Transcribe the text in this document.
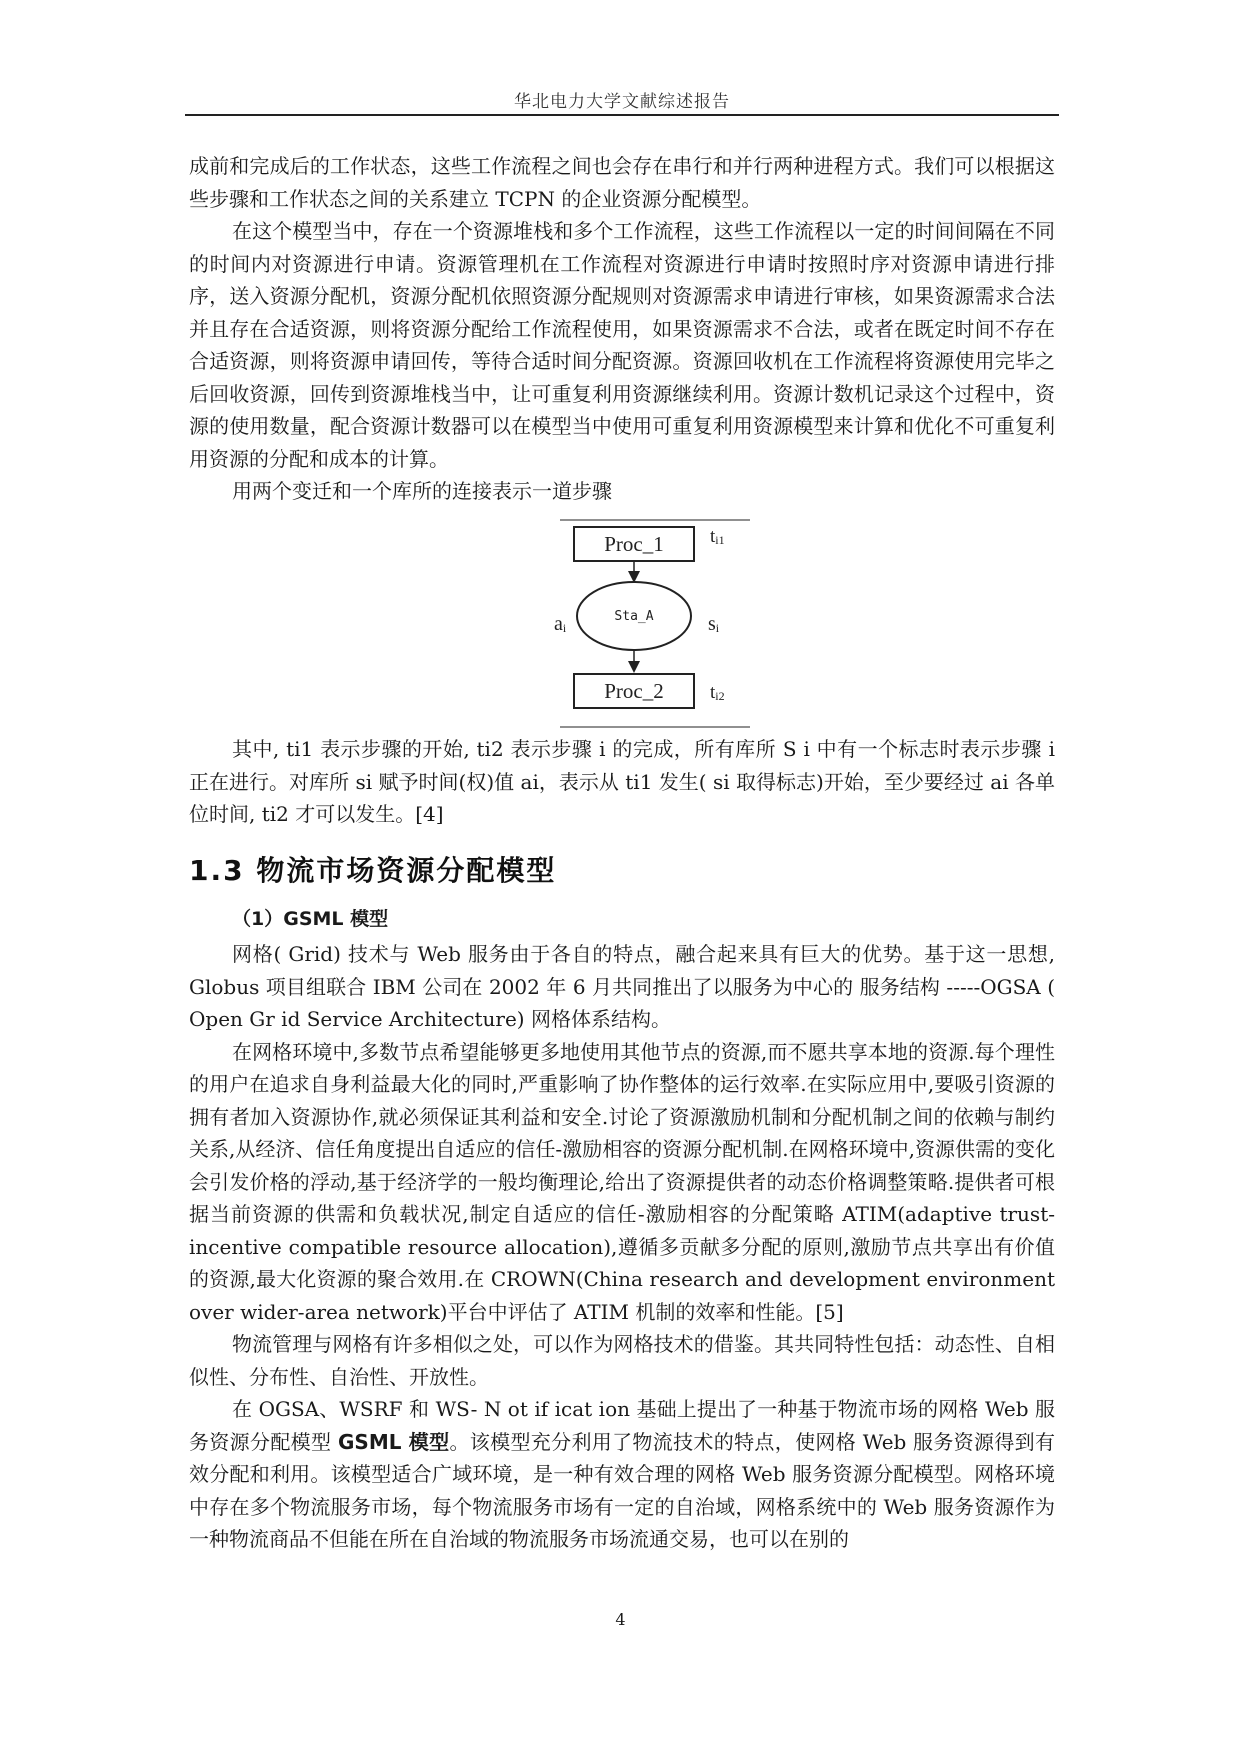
华北电力大学文献综述报告

成前和完成后的工作状态，这些工作流程之间也会存在串行和并行两种进程方式。我们可以根据这些步骤和工作状态之间的关系建立 TCPN 的企业资源分配模型。

在这个模型当中，存在一个资源堆栈和多个工作流程，这些工作流程以一定的时间间隔在不同的时间内对资源进行申请。资源管理机在工作流程对资源进行申请时按照时序对资源申请进行排序，送入资源分配机，资源分配机依照资源分配规则对资源需求申请进行审核，如果资源需求合法并且存在合适资源，则将资源分配给工作流程使用，如果资源需求不合法，或者在既定时间不存在合适资源，则将资源申请回传，等待合适时间分配资源。资源回收机在工作流程将资源使用完毕之后回收资源，回传到资源堆栈当中，让可重复利用资源继续利用。资源计数机记录这个过程中，资源的使用数量，配合资源计数器可以在模型当中使用可重复利用资源模型来计算和优化不可重复利用资源的分配和成本的计算。

用两个变迁和一个库所的连接表示一道步骤

Proc_1 ti1
Sta_A
ai	si
Proc_2 ti2

其中, ti1 表示步骤的开始, ti2 表示步骤 i 的完成，所有库所 S i 中有一个标志时表示步骤 i 正在进行。对库所 si 赋予时间(权)值 ai，表示从 ti1 发生( si 取得标志)开始，至少要经过 ai 各单位时间, ti2 才可以发生。[4]

1.3 物流市场资源分配模型
（1）GSML 模型

网格( Grid) 技术与 Web 服务由于各自的特点，融合起来具有巨大的优势。基于这一思想, Globus 项目组联合 IBM 公司在 2002 年 6 月共同推出了以服务为中心的 服务结构 -----OGSA ( Open Gr id Service Architecture) 网格体系结构。

在网格环境中,多数节点希望能够更多地使用其他节点的资源,而不愿共享本地的资源.每个理性的用户在追求自身利益最大化的同时,严重影响了协作整体的运行效率.在实际应用中,要吸引资源的拥有者加入资源协作,就必须保证其利益和安全.讨论了资源激励机制和分配机制之间的依赖与制约关系,从经济、信任角度提出自适应的信任-激励相容的资源分配机制.在网格环境中,资源供需的变化会引发价格的浮动,基于经济学的一般均衡理论,给出了资源提供者的动态价格调整策略.提供者可根据当前资源的供需和负载状况,制定自适应的信任-激励相容的分配策略 ATIM(adaptive trust-incentive compatible resource allocation),遵循多贡献多分配的原则,激励节点共享出有价值的资源,最大化资源的聚合效用.在 CROWN(China research and development environment over wider-area network)平台中评估了 ATIM 机制的效率和性能。[5]

物流管理与网格有许多相似之处，可以作为网格技术的借鉴。其共同特性包括：动态性、自相似性、分布性、自治性、开放性。

在 OGSA、WSRF 和 WS- N ot if icat ion 基础上提出了一种基于物流市场的网格 Web 服务资源分配模型 GSML 模型。该模型充分利用了物流技术的特点，使网格 Web 服务资源得到有效分配和利用。该模型适合广域环境，是一种有效合理的网格 Web 服务资源分配模型。网格环境中存在多个物流服务市场，每个物流服务市场有一定的自治域，网格系统中的 Web 服务资源作为一种物流商品不但能在所在自治域的物流服务市场流通交易，也可以在别的

4
